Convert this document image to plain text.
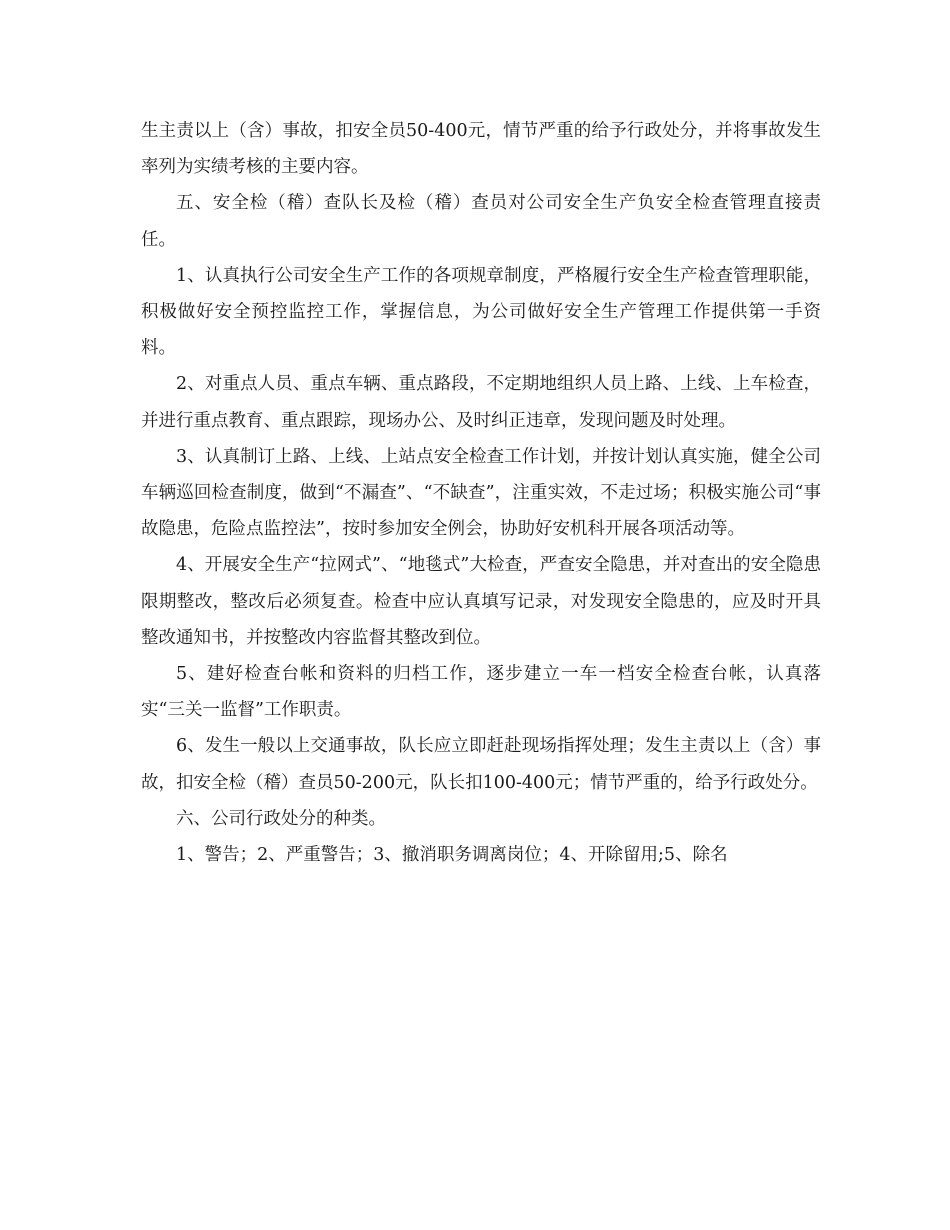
生主责以上（含）事故，扣安全员50-400元，情节严重的给予行政处分，并将事故发生率列为实绩考核的主要内容。

五、安全检（稽）查队长及检（稽）查员对公司安全生产负安全检查管理直接责任。

1、认真执行公司安全生产工作的各项规章制度，严格履行安全生产检查管理职能，积极做好安全预控监控工作，掌握信息，为公司做好安全生产管理工作提供第一手资料。

2、对重点人员、重点车辆、重点路段，不定期地组织人员上路、上线、上车检查，并进行重点教育、重点跟踪，现场办公、及时纠正违章，发现问题及时处理。

3、认真制订上路、上线、上站点安全检查工作计划，并按计划认真实施，健全公司车辆巡回检查制度，做到“不漏查”、“不缺查”，注重实效，不走过场；积极实施公司“事故隐患，危险点监控法”，按时参加安全例会，协助好安机科开展各项活动等。

4、开展安全生产“拉网式”、“地毯式”大检查，严查安全隐患，并对查出的安全隐患限期整改，整改后必须复查。检查中应认真填写记录，对发现安全隐患的，应及时开具整改通知书，并按整改内容监督其整改到位。

5、建好检查台帐和资料的归档工作，逐步建立一车一档安全检查台帐，认真落实“三关一监督”工作职责。

6、发生一般以上交通事故，队长应立即赶赴现场指挥处理；发生主责以上（含）事故，扣安全检（稽）查员50-200元，队长扣100-400元；情节严重的，给予行政处分。

六、公司行政处分的种类。

1、警告；2、严重警告；3、撤消职务调离岗位；4、开除留用;5、除名
